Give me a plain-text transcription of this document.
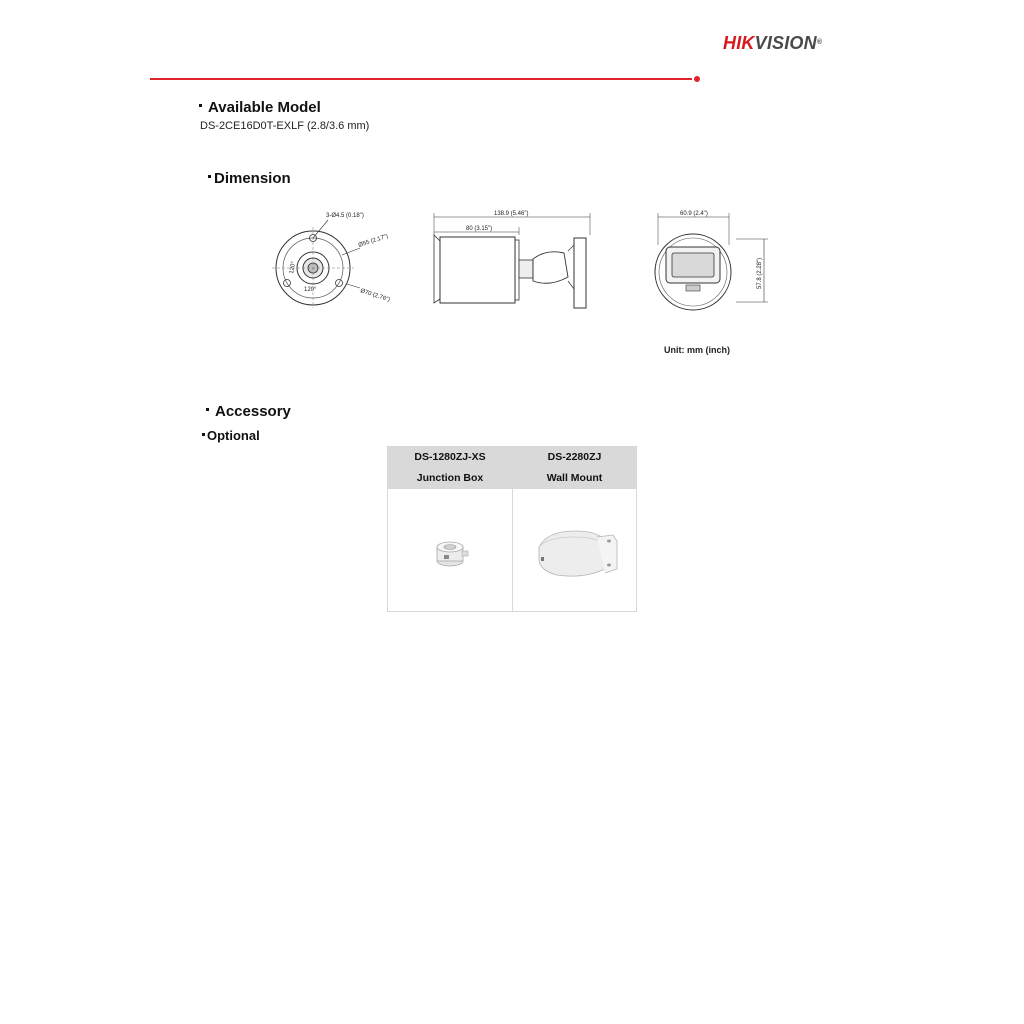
HIKVISION®
Available Model
DS-2CE16D0T-EXLF (2.8/3.6 mm)
Dimension
3-Ø4.5 (0.18")
Ø55 (2.17")
Ø70 (2.76")
120°
120°
138.9 (5.46")
80 (3.15")
60.9 (2.4")
57.8 (2.28")
Unit: mm (inch)
Accessory
Optional
DS-1280ZJ-XS
Junction Box
DS-2280ZJ
Wall Mount
